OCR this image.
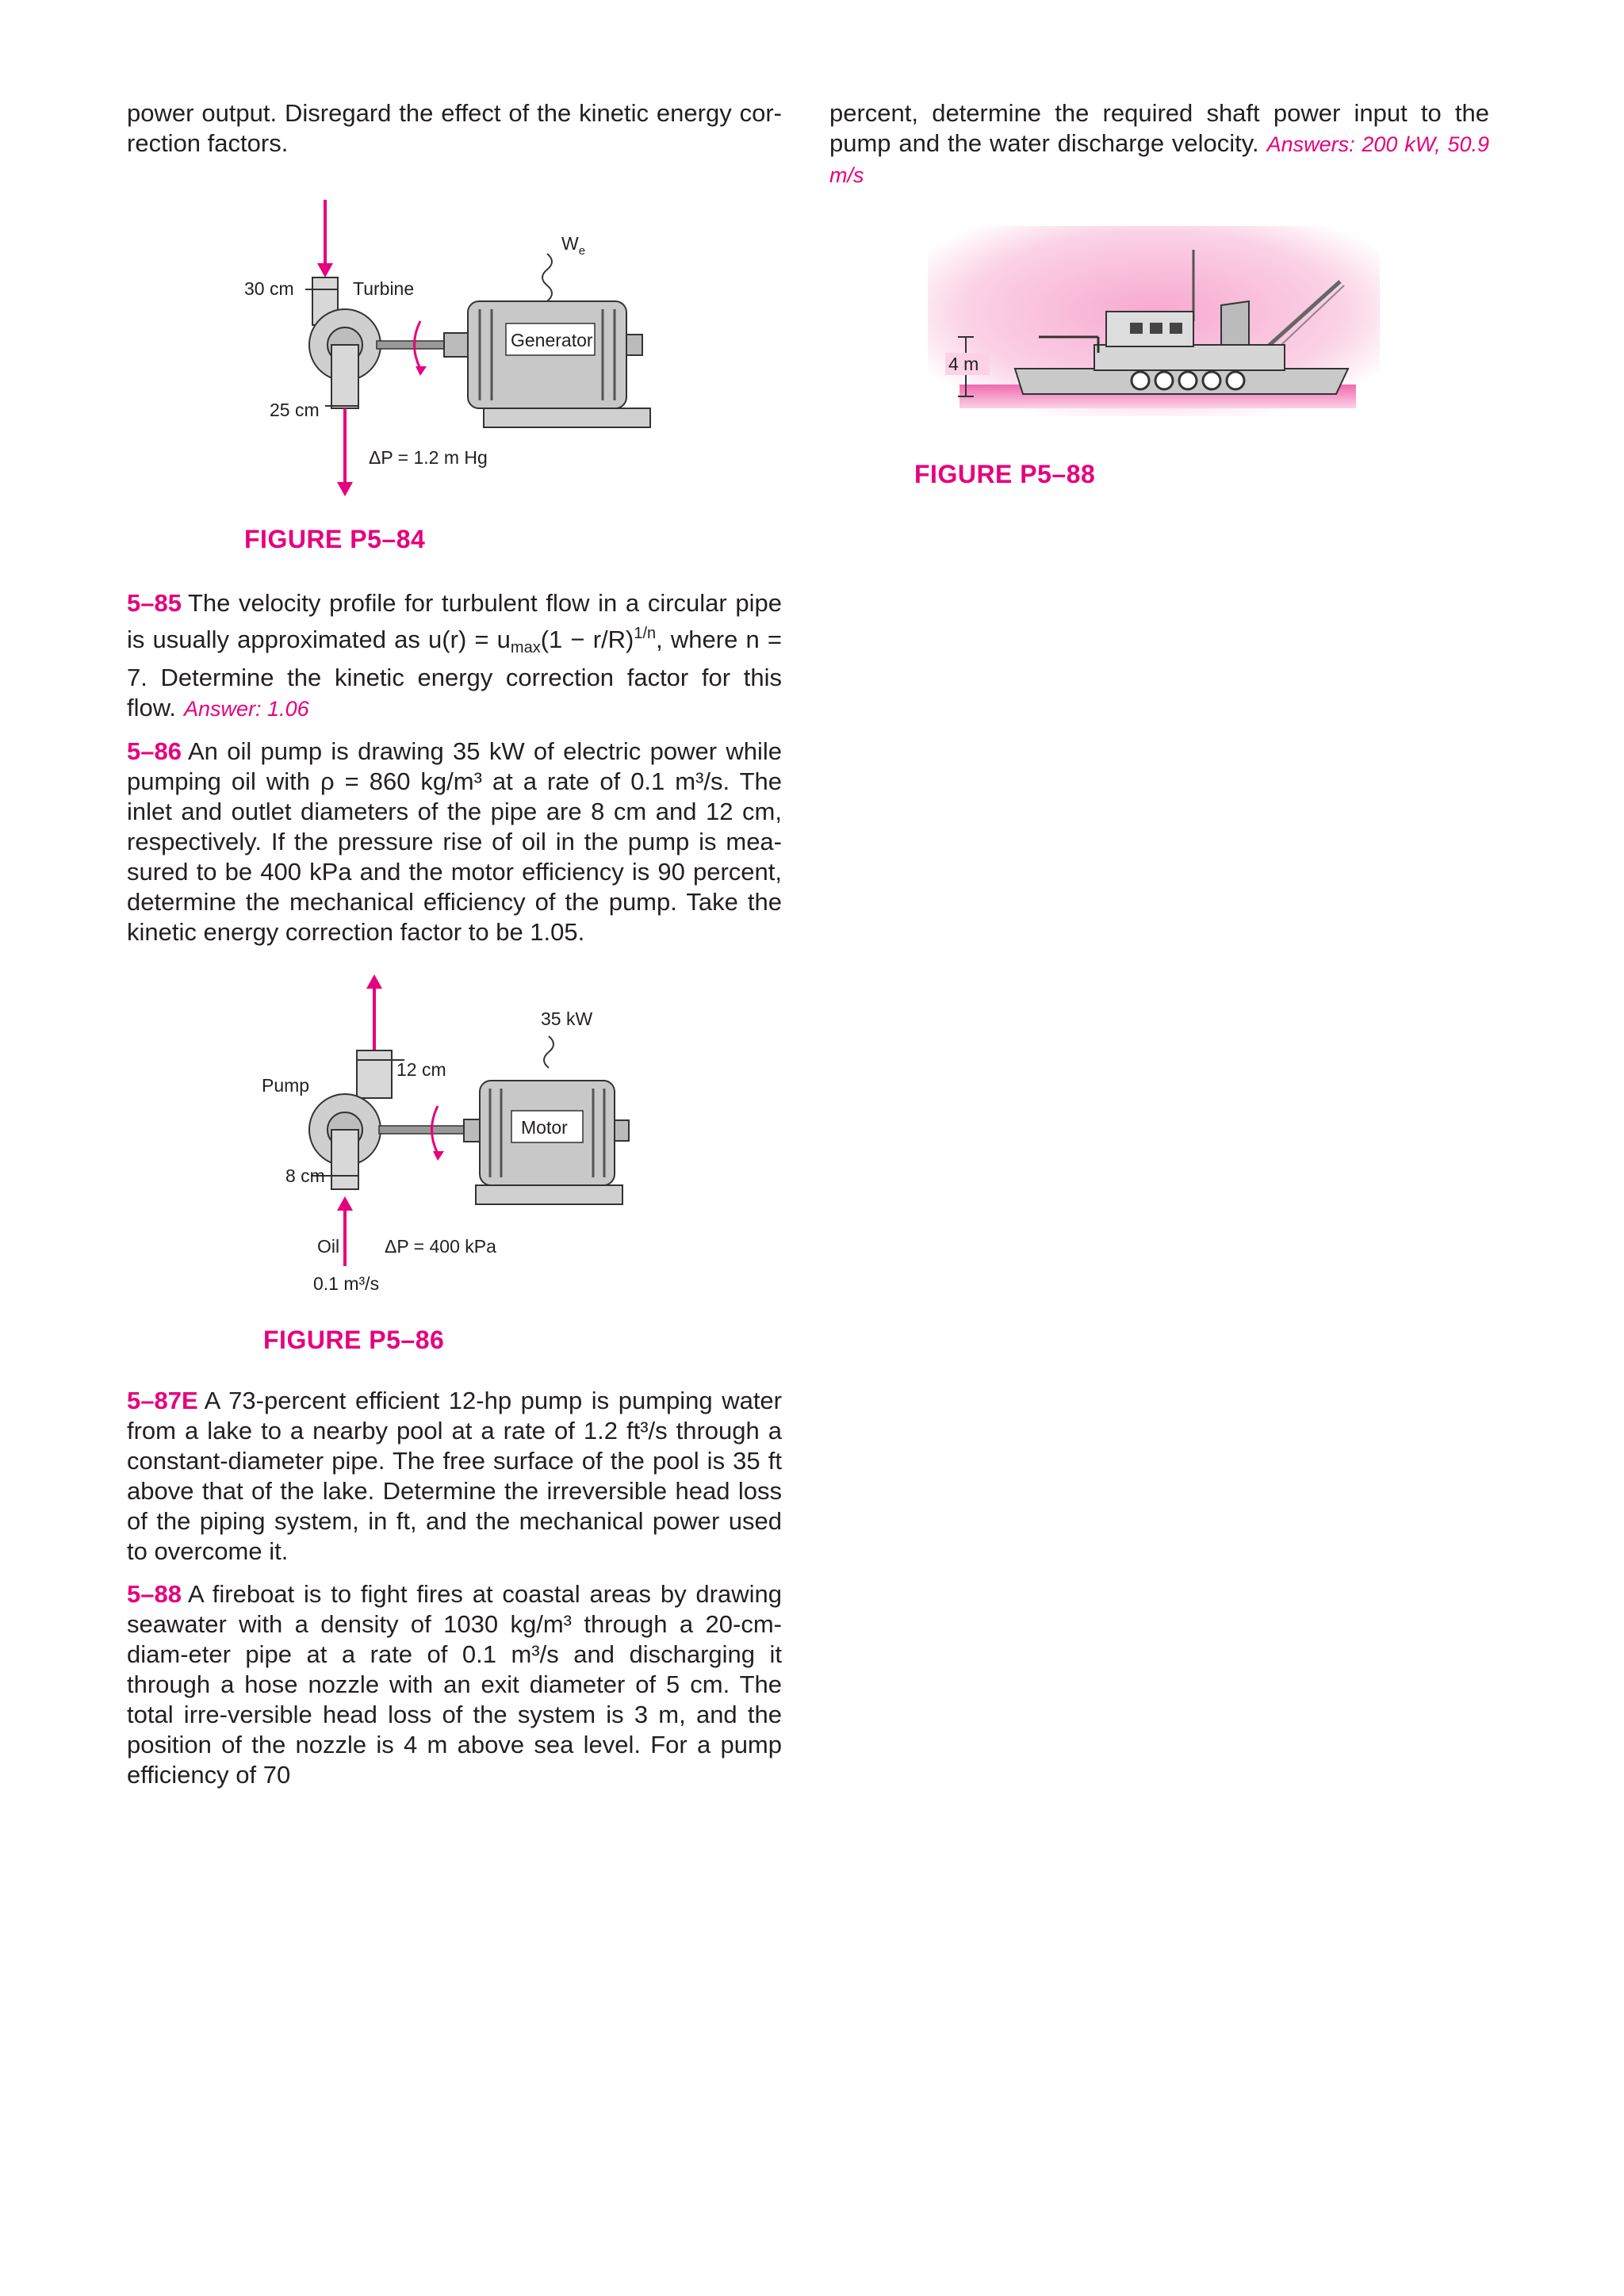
power output. Disregard the effect of the kinetic energy cor-rection factors.

30 cm	Turbine
25 cm
Generator
$W_e$
ΔP = 1.2 m Hg
FIGURE P5–84

5–85 The velocity profile for turbulent flow in a circular pipe is usually approximated as $u(r) = u_{max}(1 - r/R)^{1/n}$, where n = 7. Determine the kinetic energy correction factor for this flow. Answer: 1.06

5–86 An oil pump is drawing 35 kW of electric power while pumping oil with ρ = 860 kg/m³ at a rate of 0.1 m³/s. The inlet and outlet diameters of the pipe are 8 cm and 12 cm, respectively. If the pressure rise of oil in the pump is mea-sured to be 400 kPa and the motor efficiency is 90 percent, determine the mechanical efficiency of the pump. Take the kinetic energy correction factor to be 1.05.

Pump
12 cm
8 cm
Motor
35 kW
Oil ΔP = 400 kPa
0.1 m³/s
FIGURE P5–86

5–87E A 73-percent efficient 12-hp pump is pumping water from a lake to a nearby pool at a rate of 1.2 ft³/s through a constant-diameter pipe. The free surface of the pool is 35 ft above that of the lake. Determine the irreversible head loss of the piping system, in ft, and the mechanical power used to overcome it.

5–88 A fireboat is to fight fires at coastal areas by drawing seawater with a density of 1030 kg/m³ through a 20-cm-diam-eter pipe at a rate of 0.1 m³/s and discharging it through a hose nozzle with an exit diameter of 5 cm. The total irre-versible head loss of the system is 3 m, and the position of the nozzle is 4 m above sea level. For a pump efficiency of 70

percent, determine the required shaft power input to the pump and the water discharge velocity. Answers: 200 kW, 50.9 m/s

4 m
FIGURE P5–88
